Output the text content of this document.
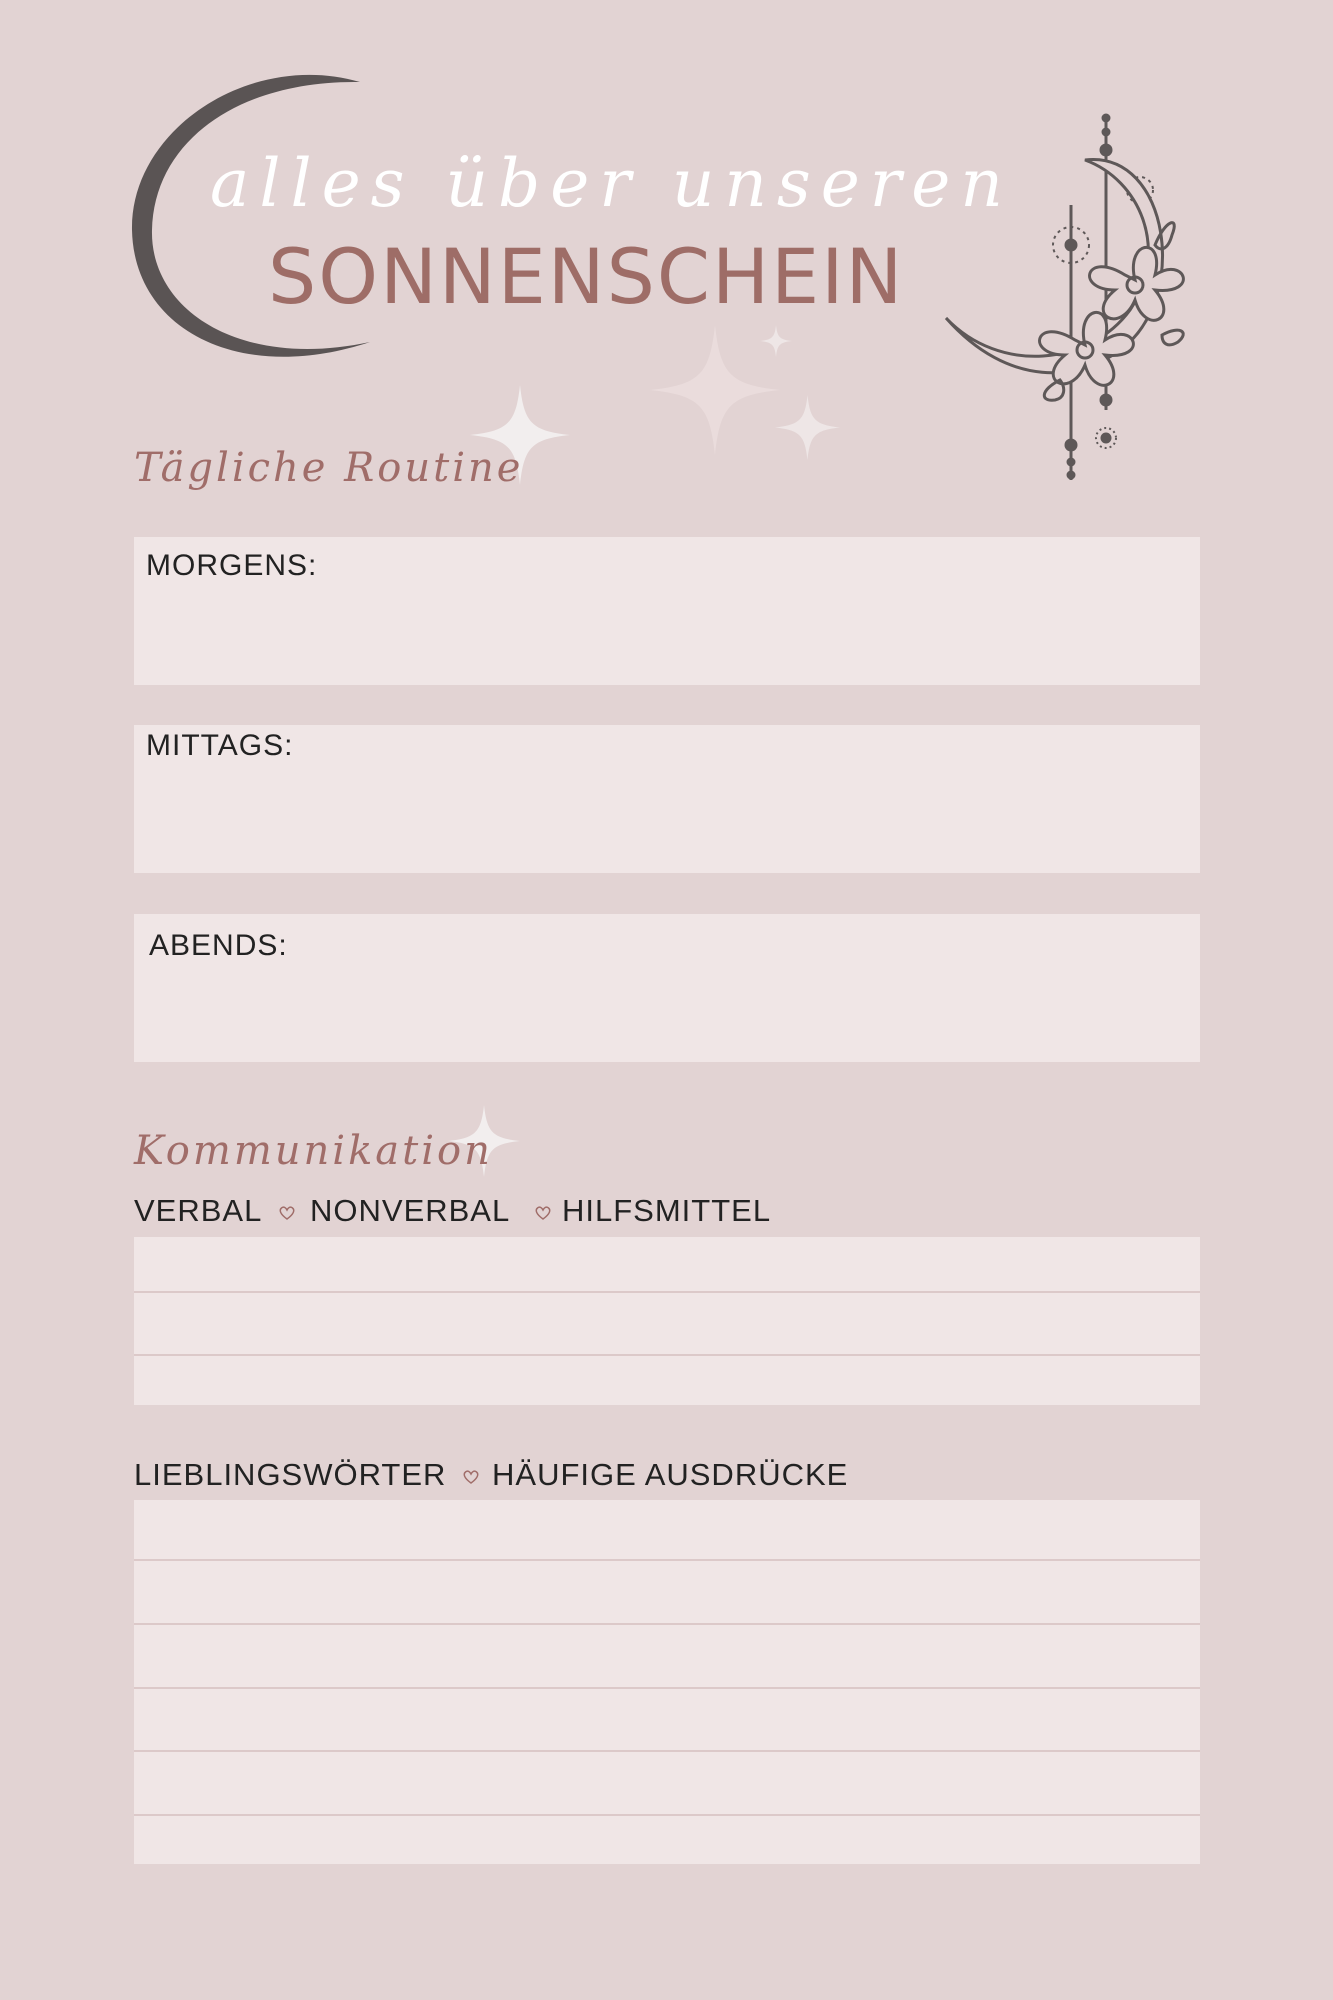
alles über unseren
SONNENSCHEIN
Tägliche Routine
MORGENS:
MITTAGS:
ABENDS:
Kommunikation
VERBAL NONVERBAL HILFSMITTEL
LIEBLINGSWÖRTER HÄUFIGE AUSDRÜCKE
